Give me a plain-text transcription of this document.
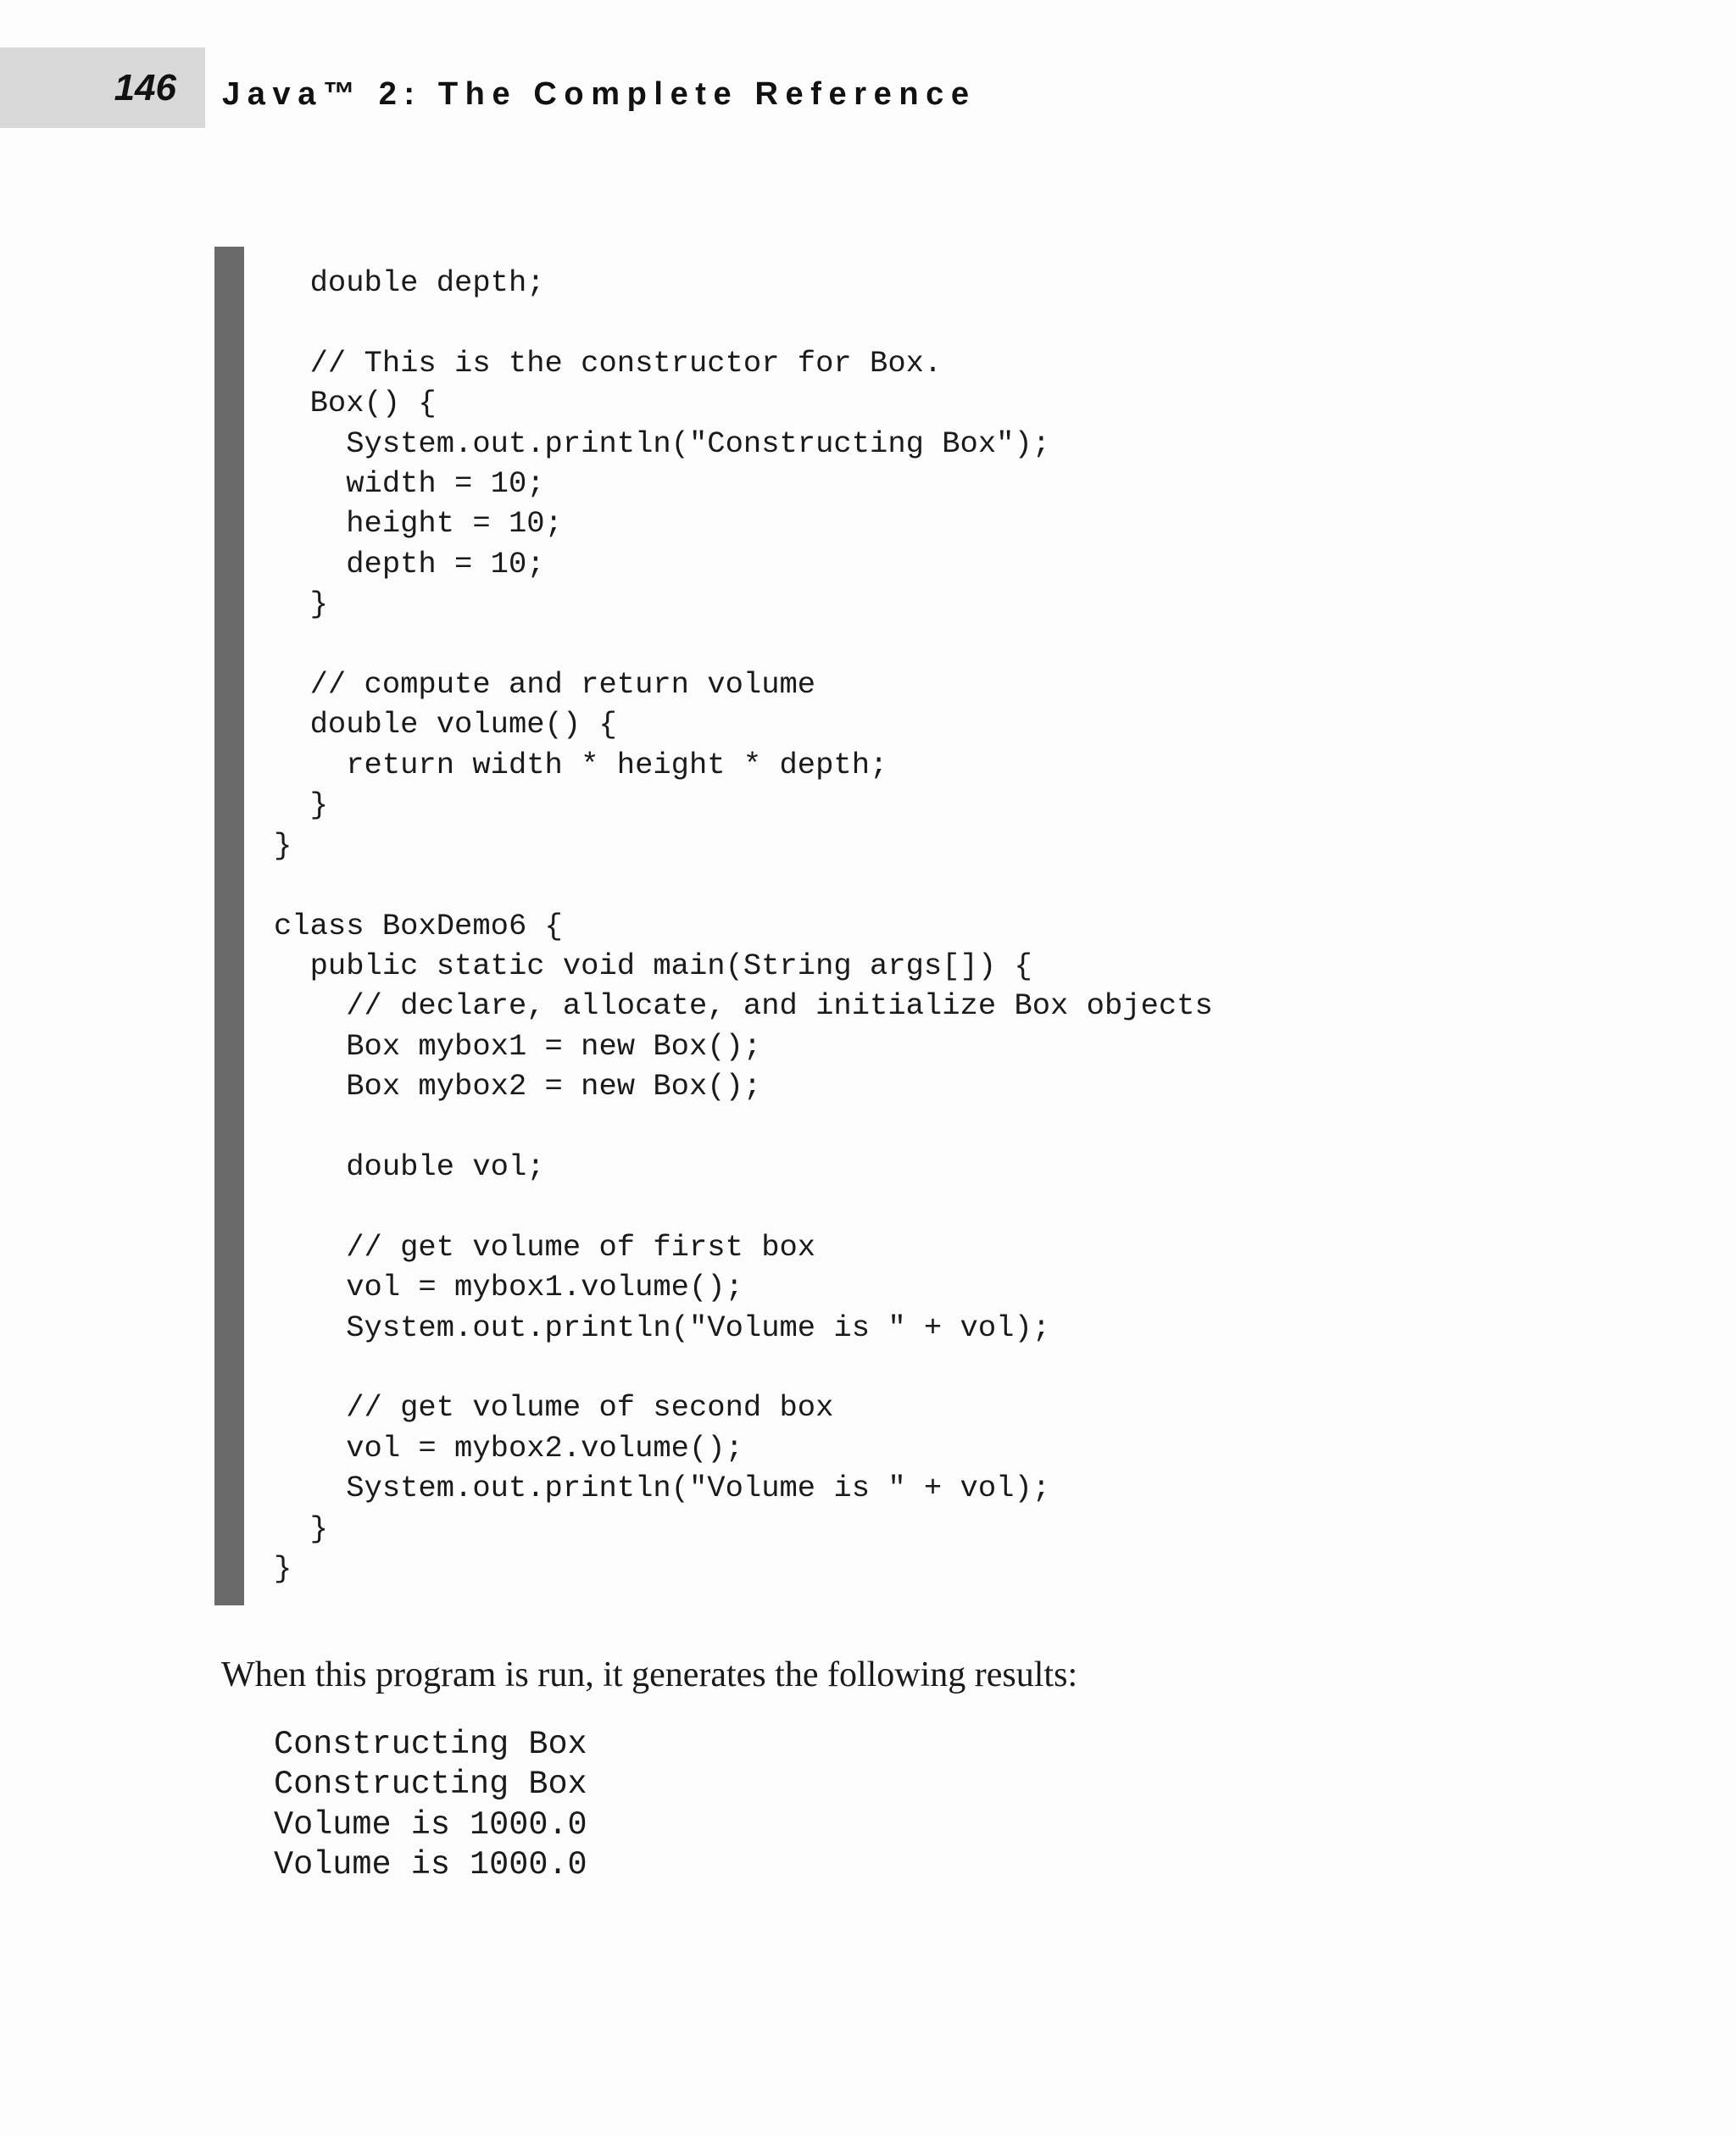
146 Java™ 2: The Complete Reference
double depth;

// This is the constructor for Box.
Box() {
System.out.println("Constructing Box");
width = 10;
height = 10;
depth = 10;
}

// compute and return volume
double volume() {
return width * height * depth;
}
}

class BoxDemo6 {
public static void main(String args[]) {
// declare, allocate, and initialize Box objects
Box mybox1 = new Box();
Box mybox2 = new Box();

double vol;

// get volume of first box
vol = mybox1.volume();
System.out.println("Volume is " + vol);

// get volume of second box
vol = mybox2.volume();
System.out.println("Volume is " + vol);
}
}

When this program is run, it generates the following results:

Constructing Box
Constructing Box
Volume is 1000.0
Volume is 1000.0
